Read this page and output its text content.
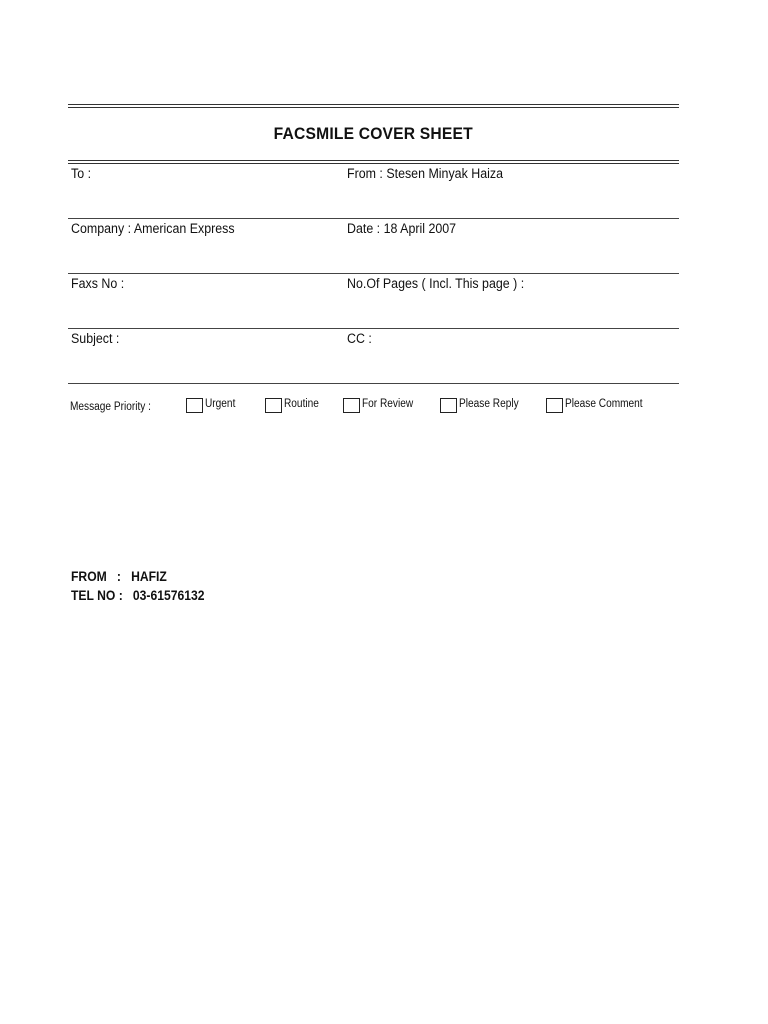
FACSMILE COVER SHEET
To :	From : Stesen Minyak Haiza
Company : American Express	Date : 18 April 2007
Faxs No :	No.Of Pages ( Incl. This page ) :
Subject :	CC :
Message Priority :	Urgent	Routine	For Review	Please Reply	Please Comment
FROM   :   HAFIZ
TEL NO :   03-61576132
